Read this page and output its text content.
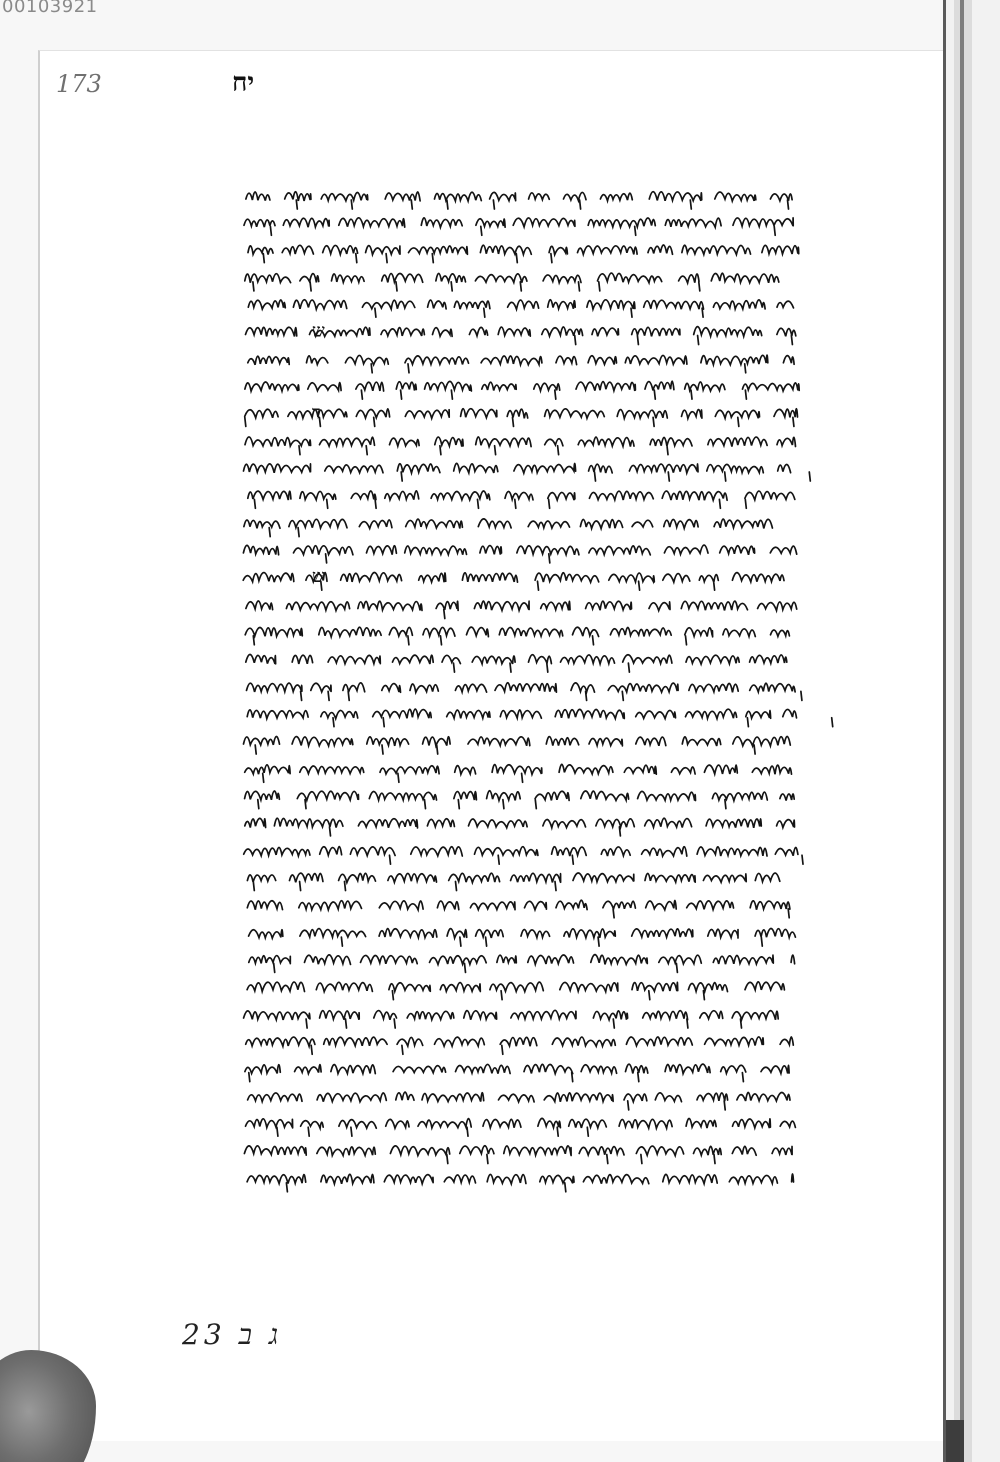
00103921
173	יח
ש
ד
ש
23 ג ב
